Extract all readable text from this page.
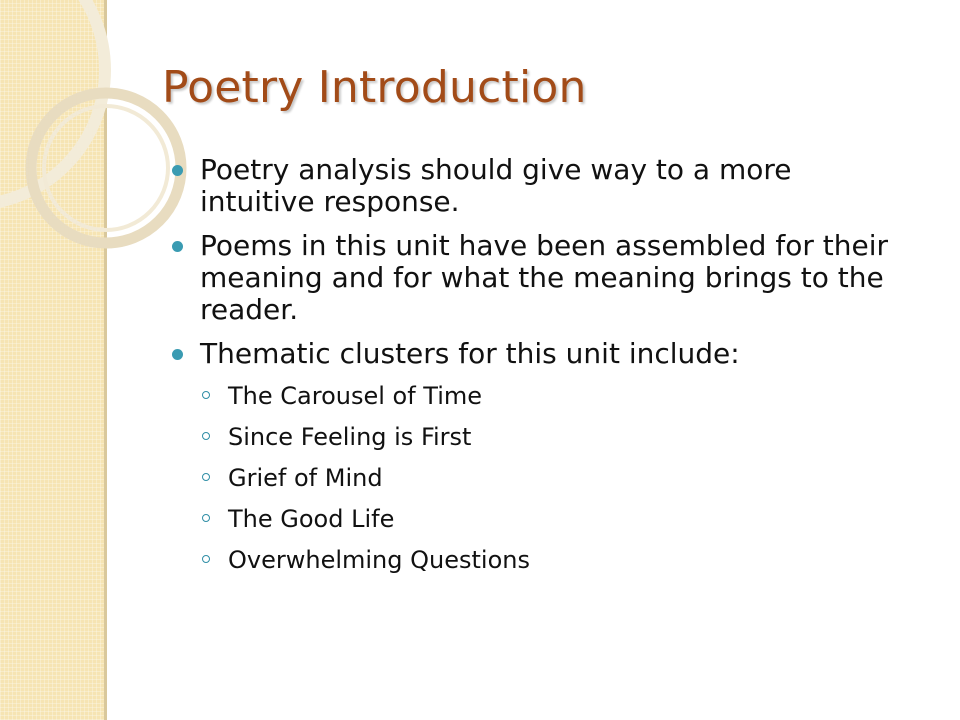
Poetry Introduction
Poetry analysis should give way to a more intuitive response.
Poems in this unit have been assembled for their meaning and for what the meaning brings to the reader.
Thematic clusters for this unit include:
The Carousel of Time
Since Feeling is First
Grief of Mind
The Good Life
Overwhelming Questions
